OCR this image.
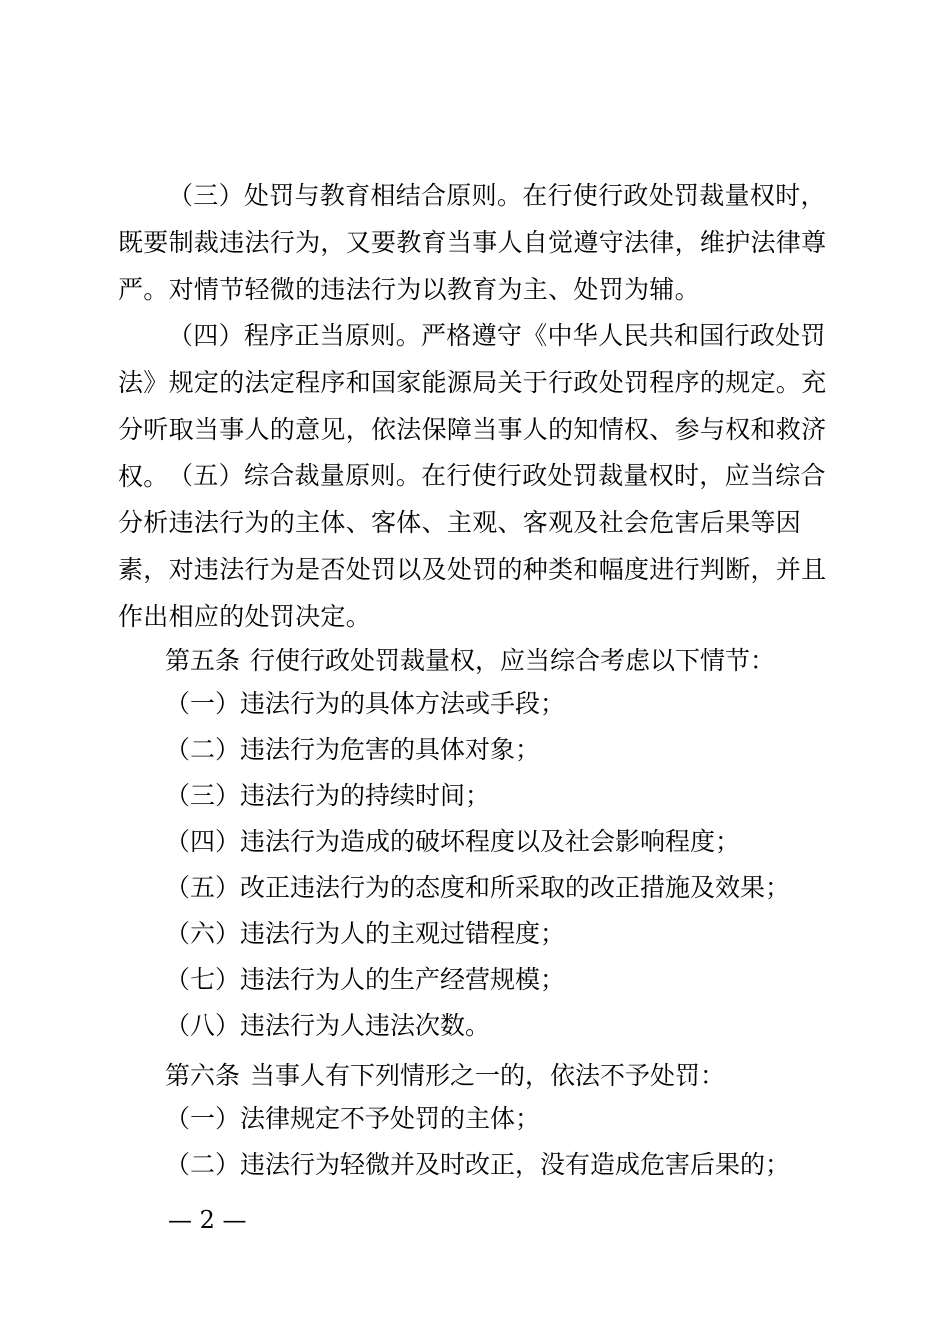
（三）处罚与教育相结合原则。在行使行政处罚裁量权时，既要制裁违法行为，又要教育当事人自觉遵守法律，维护法律尊严。对情节轻微的违法行为以教育为主、处罚为辅。

（四）程序正当原则。严格遵守《中华人民共和国行政处罚法》规定的法定程序和国家能源局关于行政处罚程序的规定。充分听取当事人的意见，依法保障当事人的知情权、参与权和救济权。 （五）综合裁量原则。在行使行政处罚裁量权时，应当综合分析违法行为的主体、客体、主观、客观及社会危害后果等因素，对违法行为是否处罚以及处罚的种类和幅度进行判断，并且作出相应的处罚决定。

第五条 行使行政处罚裁量权，应当综合考虑以下情节：
（一）违法行为的具体方法或手段；
（二）违法行为危害的具体对象；
（三）违法行为的持续时间；
（四）违法行为造成的破坏程度以及社会影响程度；
（五）改正违法行为的态度和所采取的改正措施及效果；
（六）违法行为人的主观过错程度；
（七）违法行为人的生产经营规模；
（八）违法行为人违法次数。
第六条 当事人有下列情形之一的，依法不予处罚：
（一）法律规定不予处罚的主体；
（二）违法行为轻微并及时改正，没有造成危害后果的；
— 2 —
